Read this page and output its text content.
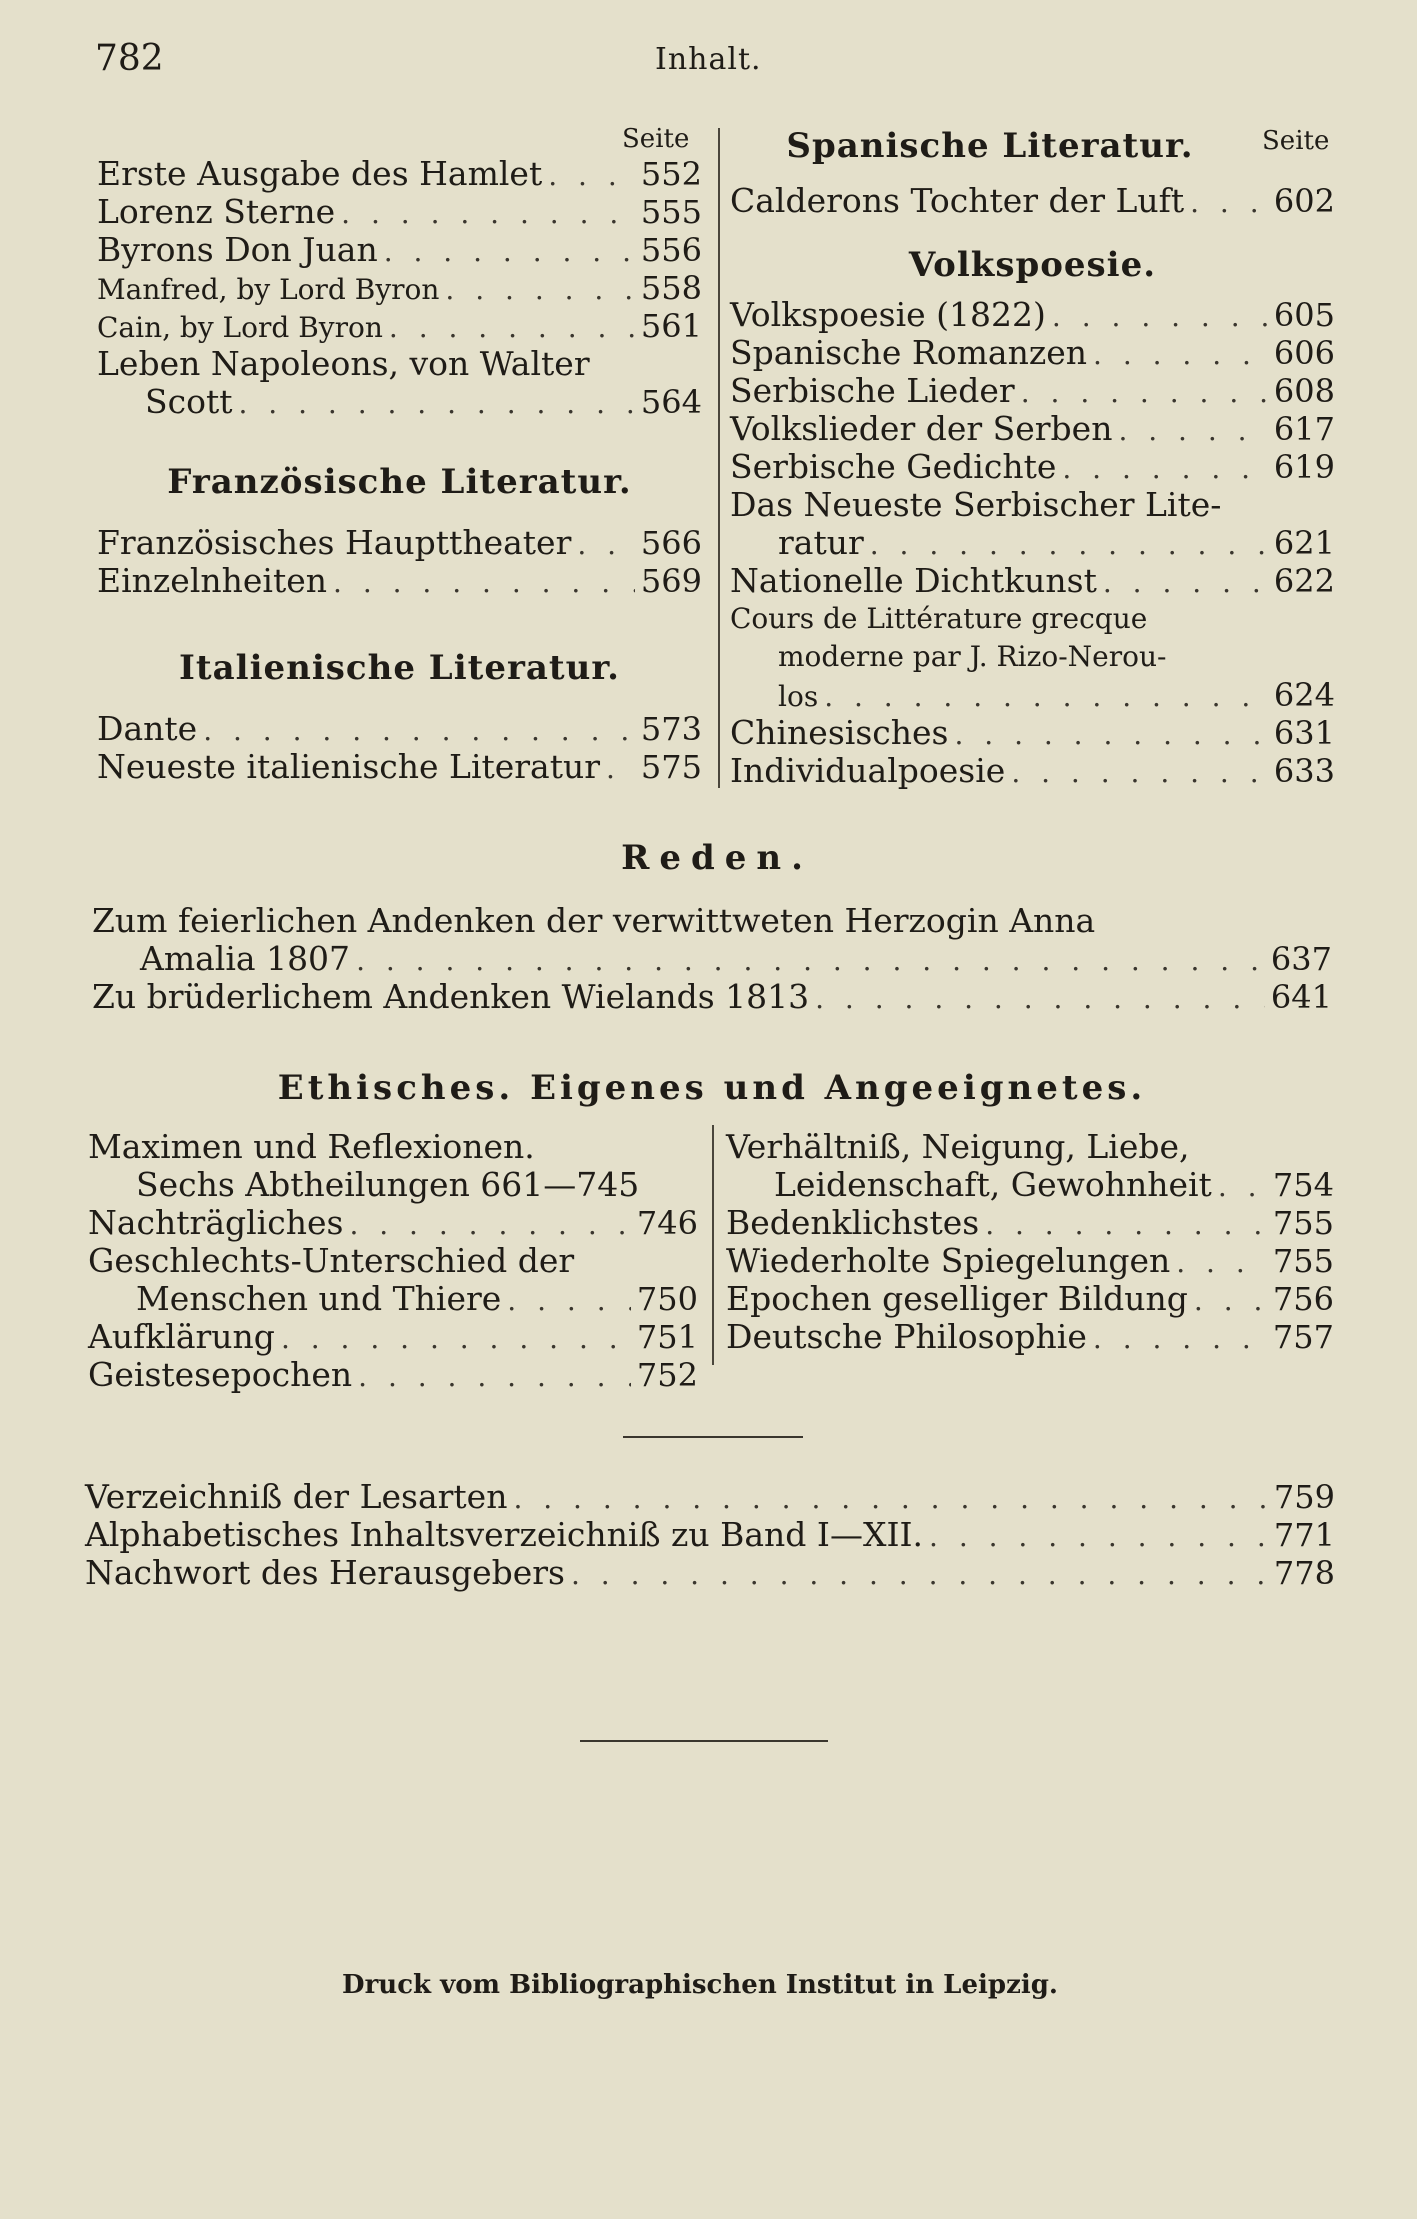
782	Inhalt.
Seite
Erste Ausgabe des Hamlet . . .	552
Lorenz Sterne . . .	555
Byrons Don Juan . . .	556
Manfred, by Lord Byron . . .	558
Cain, by Lord Byron . . .	561
Leben Napoleons, von Walter
Scott . . .	564
Französische Literatur.
Französisches Haupttheater . . . 566
Einzelnheiten . . .	569
Italienische Literatur.
Dante . . .	573
Neueste italienische Literatur . . . 575
Spanische Literatur.	Seite
Calderons Tochter der Luft . . .	602
Volkspoesie.
Volkspoesie (1822) . . .	605
Spanische Romanzen . . .	606
Serbische Lieder . . .	608
Volkslieder der Serben . . .	617
Serbische Gedichte . . .	619
Das Neueste Serbischer Lite-
ratur . . .	621
Nationelle Dichtkunst . . .	622
Cours de Littérature grecque
moderne par J. Rizo-Nerou-
los . . .	624
Chinesisches . . .	631
Individualpoesie . . .	633
Reden.
Zum feierlichen Andenken der verwittweten Herzogin Anna
Amalia 1807 . . .	637
Zu brüderlichem Andenken Wielands 1813 . . .	641
Ethisches. Eigenes und Angeeignetes.
Maximen und Reflexionen.
Sechs Abtheilungen 661—745
Nachträgliches . . .	746
Geschlechts-Unterschied der
Menschen und Thiere . . .	750
Aufklärung . . .	751
Geistesepochen . . .	752
Verhältniß, Neigung, Liebe,
Leidenschaft, Gewohnheit . . . 754
Bedenklichstes . . .	755
Wiederholte Spiegelungen . . .	755
Epochen geselliger Bildung . . .	756
Deutsche Philosophie . . .	757
Verzeichniß der Lesarten . . .	759
Alphabetisches Inhaltsverzeichniß zu Band I—XII. . . .	771
Nachwort des Herausgebers . . .	778
Druck vom Bibliographischen Institut in Leipzig.
